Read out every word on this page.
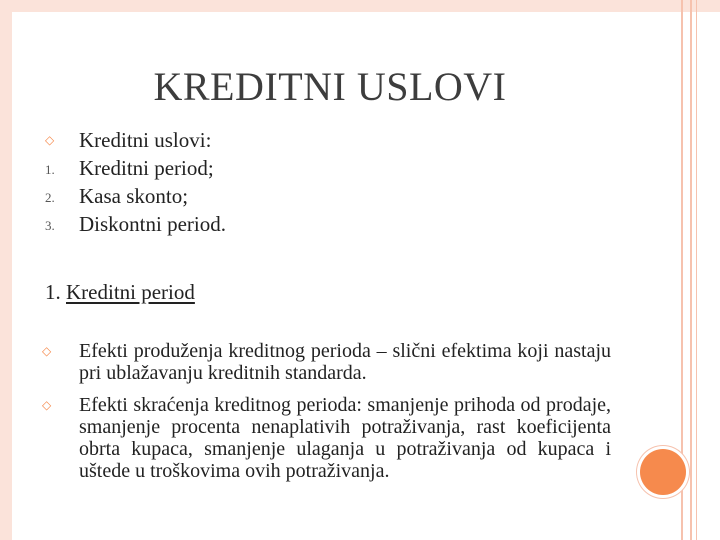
KREDITNI USLOVI
◇	Kreditni uslovi:
1. Kreditni period;
2. Kasa skonto;
3. Diskontni period.
1. Kreditni period
◇ Efekti produženja kreditnog perioda – slični efektima koji nastaju pri ublažavanju kreditnih standarda.
◇ Efekti skraćenja kreditnog perioda: smanjenje prihoda od prodaje, smanjenje procenta nenaplativih potraživanja, rast koeficijenta obrta kupaca, smanjenje ulaganja u potraživanja od kupaca i uštede u troškovima ovih potraživanja.
